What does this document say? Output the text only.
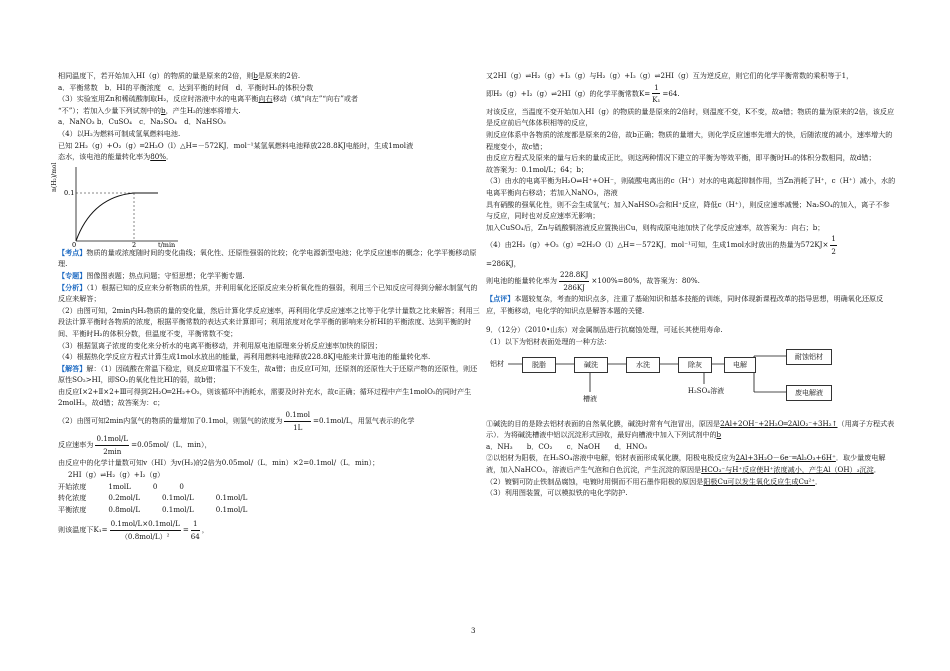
相同温度下，若开始加入HI（g）的物质的量是原来的2倍，则b是原来的2倍.

a．平衡常数　b．HI的平衡浓度　c．达到平衡的时间　d．平衡时H₂的体积分数

（3）实验室用Zn和稀硫酸制取H₂，反应时溶液中水的电离平衡向右移动（填“向左”“向右”或者

“不”）；若加入少量下列试剂中的b，产生H₂的速率将增大.

a．NaNO₃ b．CuSO₄　c．Na₂SO₄　d．NaHSO₃

（4）以H₂为燃料可制成氢氧燃料电池.

已知 2H₂（g）+O₂（g）═2H₂O（l）△H=－572KJ．mol⁻¹某氢氧燃料电池释放228.8KJ电能时，生成1mol液

态水，该电池的能量转化率为80%．

n(H₂)/mol
0.1
0	2	t/min

【考点】物质的量或浓度随时间的变化曲线；氧化性、还原性强弱的比较；化学电源新型电池；化学反应速率的概念；化学平衡移动原理.

【专题】图像图表题；热点问题；守恒思想；化学平衡专题.

【分析】（1）根据已知的反应来分析物质的性质，并利用氧化还原反应来分析氧化性的强弱，利用三个已知反应可得到分解水制氢气的反应来解答；

（2）由图可知，2min内H₂物质的量的变化量，然后计算化学反应速率，再利用化学反应速率之比等于化学计量数之比来解答；利用三段法计算平衡时各物质的浓度，根据平衡常数的表达式来计算即可；利用浓度对化学平衡的影响来分析HI的平衡浓度、达到平衡的时间、平衡时H₂的体积分数，但温度不变，平衡常数不变；

（3）根据氢离子浓度的变化来分析水的电离平衡移动，并利用原电池原理来分析反应速率加快的原因；

（4）根据热化学反应方程式计算生成1mol水放出的能量，再利用燃料电池释放228.8KJ电能来计算电池的能量转化率.

【解答】解：（1）因硫酸在常温下稳定，则反应Ⅲ常温下不发生，故a错；由反应Ⅰ可知，还原剂的还原性大于还原产物的还原性，则还原性SO₂>HI，即SO₂的氧化性比HI的弱，故b错；

由反应Ⅰ×2+Ⅱ×2+Ⅲ可得到2H₂O═2H₂+O₂，则该循环中消耗水，需要及时补充水，故c正确；循环过程中产生1molO₂的同时产生2molH₂，故d错；故答案为：c；

（2）由图可知2min内氢气的物质的量增加了0.1mol，则氢气的浓度为 $\frac{\text{0.1mol}}{1L} =0.1mol/L$，用氢气表示的化学

反应速率为 $\frac{\text{0.1mol/L}}{2\min} =0.05mol/(L$．min），

由反应中的化学计量数可知v（HI）为v(H₂)的2倍为0.05mol/（L．min）×2=0.1mol/（L．min）；

2HI（g）⇌H₂（g）+I₂（g）

开始浓度	1molL	0	0

转化浓度	0.2mol/L	0.1mol/L	0.1mol/L

平衡浓度	0.8mol/L	0.1mol/L	0.1mol/L

则该温度下$K_1= \frac{\text{0.1mol/L×0.1mol/L}}{\text{（0.8mol/L）²}} = \frac{1}{64}$ ，

又2HI（g）⇌H₂（g）+I₂（g）与H₂（g）+I₂（g）⇌2HI（g）互为逆反应，则它们的化学平衡常数的乘积等于1，

即H₂（g）+I₂（g）⇌2HI（g）的化学平衡常数$K= \frac{1}{\text{K₁}} =64$.

对该反应，当温度不变开始加入HI（g）的物质的量是原来的2倍时，则温度不变，K不变，故a错；物质的量为原来的2倍，该反应是反应前后气体体积相等的反应，

则反应体系中各物质的浓度都是原来的2倍，故b正确；物质的量增大，则化学反应速率先增大的快，后随浓度的减小，速率增大的程度变小，故c错；

由反应方程式及原来的量与后来的量成正比，则这两种情况下建立的平衡为等效平衡，即平衡时H₂的体积分数相同，故d错；

故答案为：0.1mol/L；64；b；

（3）由水的电离平衡为H₂O⇌H⁺+OH⁻，则硫酸电离出的c（H⁺）对水的电离起抑制作用，当Zn消耗了H⁺，c（H⁺）减小，水的电离平衡向右移动；若加入NaNO₃，溶液

具有硝酸的强氧化性，则不会生成氢气；加入NaHSO₃会和H⁺反应，降低c（H⁺），则反应速率减慢；Na₂SO₄的加入，离子不参与反应，同时也对反应速率无影响；

加入CuSO₄后，Zn与硫酸铜溶液反应置换出Cu，则构成原电池加快了化学反应速率，故答案为：向右；b；

（4）由2H₂（g）+O₂（g）═2H₂O（l）△H=－572KJ．mol⁻¹可知，生成1mol水时放出的热量为$572KJ\times \frac{1}{2}$

=286KJ，

则电池的能量转化率为 $\frac{228.8KJ}{286KJ} \times 100\%=80\%$，故答案为：80%.

【点评】本题较复杂，考查的知识点多，注重了基础知识和基本技能的训练，同时体现新课程改革的指导思想，明确氧化还原反应，平衡移动，电化学的知识点是解答本题的关键.

9．（12分）（2010•山东）对金属制品进行抗腐蚀处理，可延长其使用寿命.

（1）以下为铝材表面处理的一种方法：

铝材	脱脂	碱洗
槽液
水洗	除灰	电解
H₂SO₄溶液
耐蚀铝材
废电解液

①碱洗的目的是除去铝材表面的自然氧化膜，碱洗时常有气泡冒出，原因是2Al+2OH⁻+2H₂O═2AlO₂⁻+3H₂↑（用离子方程式表示）．为将碱洗槽液中铝以沉淀形式回收，最好向槽液中加入下列试剂中的b

a．NH₃　　b．CO₂　　c．NaOH　　d．HNO₃

②以铝材为阳极，在H₂SO₄溶液中电解，铝材表面形成氧化膜，阳极电极反应为2Al+3H₂O－6e⁻═Al₂O₃+6H⁺．取少量废电解液，加入NaHCO₃，溶液后产生气泡和白色沉淀，产生沉淀的原因是HCO₃⁻与H⁺反应使H⁺浓度减小，产生Al（OH）₃沉淀．

（2）镀铜可防止铁制品腐蚀，电镀时用铜而不用石墨作阳极的原因是阳极Cu可以发生氧化反应生成Cu²⁺．

（3）利用图装置，可以模拟铁的电化学防护.

3
